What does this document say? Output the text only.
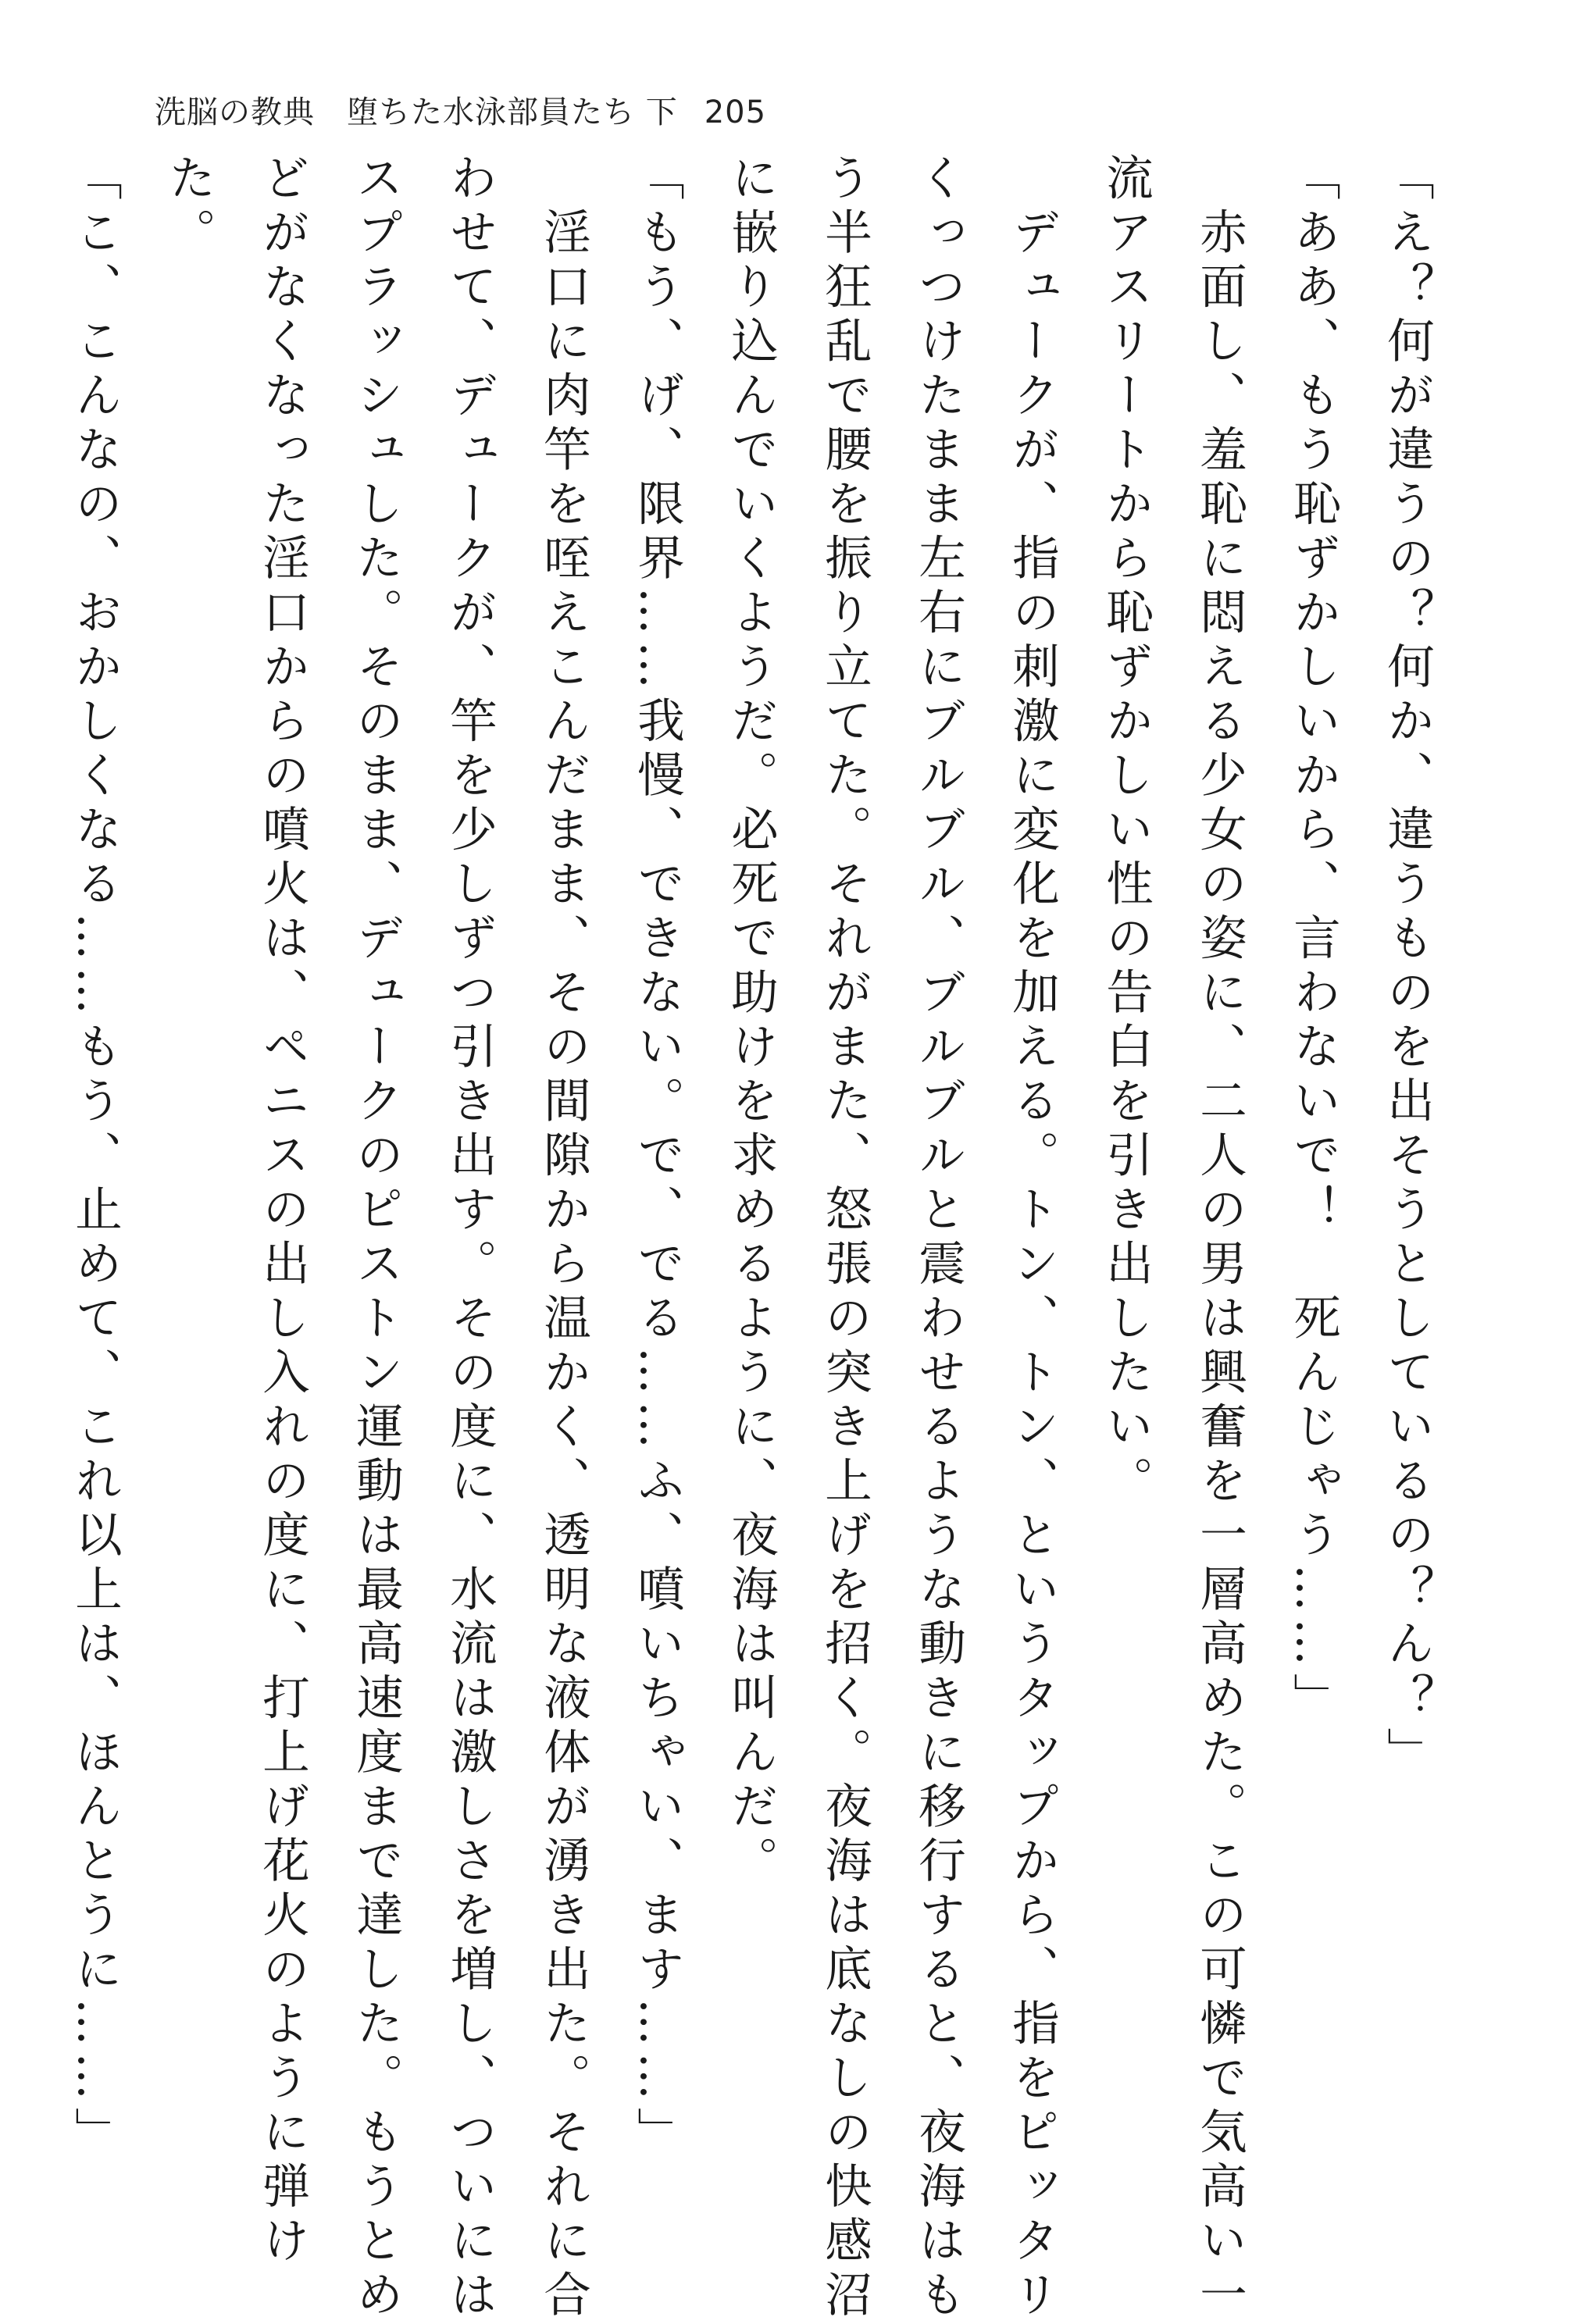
洗脳の教典　堕ちた水泳部員たち 下 205
「え？何が違うの？何か、違うものを出そうとしているの？ん？」
「ああ、もう恥ずかしいから、言わないで！　死んじゃう……」
　赤面し、羞恥に悶える少女の姿に、二人の男は興奮を一層高めた。この可憐で気高い一
流アスリートから恥ずかしい性の告白を引き出したい。
　デュークが、指の刺激に変化を加える。トン、トン、というタップから、指をピッタリ
くっつけたまま左右にブルブル、ブルブルと震わせるような動きに移行すると、夜海はも
う半狂乱で腰を振り立てた。それがまた、怒張の突き上げを招く。夜海は底なしの快感沼
に嵌り込んでいくようだ。必死で助けを求めるように、夜海は叫んだ。
「もう、げ、限界……我慢、できない。で、でる……ふ、噴いちゃい、ます……」
　淫口に肉竿を咥えこんだまま、その間隙から温かく、透明な液体が湧き出た。それに合
わせて、デュークが、竿を少しずつ引き出す。その度に、水流は激しさを増し、ついには
スプラッシュした。そのまま、デュークのピストン運動は最高速度まで達した。もうとめ
どがなくなった淫口からの噴火は、ペニスの出し入れの度に、打上げ花火のように弾け
た。
「こ、こんなの、おかしくなる……もう、止めて、これ以上は、ほんとうに……」
